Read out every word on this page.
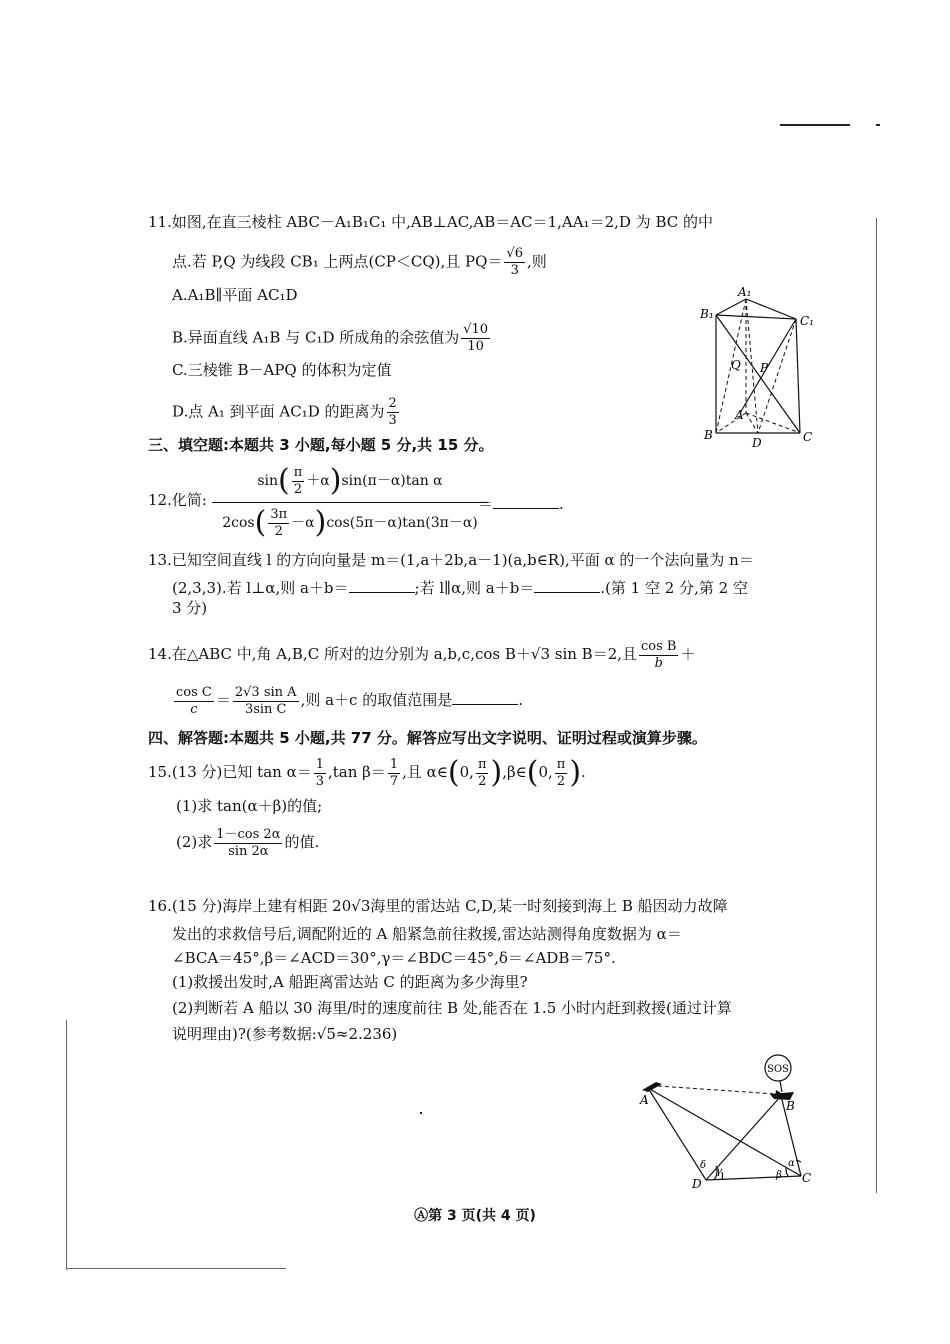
11.如图,在直三棱柱 ABC－A₁B₁C₁ 中,AB⊥AC,AB＝AC＝1,AA₁＝2,D 为 BC 的中
点.若 P,Q 为线段 CB₁ 上两点(CP＜CQ),且 $PQ= \frac{√6}{3}$ ,则
A.A₁B∥平面 AC₁D
B.异面直线 A₁B 与 C₁D 所成角的余弦值为 $\frac{√10}{10}$
C.三棱锥 B－APQ 的体积为定值
D.点 A₁ 到平面 AC₁D 的距离为 $\frac{2}{3}$
A₁
B₁	C₁
Q P
A
B
D	C
三、填空题:本题共 3 小题,每小题 5 分,共 15 分。
12.化简: $\frac{\sin( \frac{\pi}{2} +\alpha)\sin(\pi-\alpha)\tan \alpha}{2\cos( \frac{3\pi}{2} -\alpha)\cos(5\pi-\alpha)\tan(3\pi-\alpha)}$
＝	.
13.已知空间直线 l 的方向向量是 m＝(1,a＋2b,a－1)(a,b∈R),平面 α 的一个法向量为 n＝
(2,3,3).若 l⊥α,则 a＋b＝	;若 l∥α,则 a＋b＝	.(第 1 空 2 分,第 2 空
3 分)
14.在△ABC 中,角 A,B,C 所对的边分别为 a,b,c,cos B＋√3 sin B＝2,且 $\frac{\text{cos B}}{b}$ ＋
$\frac{\text{cos C}}{c} = \frac{\text{2√3 sin A}}{\text{3sin C}}$ ,则 a＋c 的取值范围是	.
四、解答题:本题共 5 小题,共 77 分。解答应写出文字说明、证明过程或演算步骤。
15.(13 分)已知 $\tan \alpha= \frac{1}{3} ,\tan$ $\beta= \frac{1}{7}$ ,且 α∈(0, $\frac{\pi}{2}$ ),β∈(0, $\frac{\pi}{2}$ ).
(1)求 tan(α＋β)的值;
(2)求 $\frac{1-\cos 2\alpha}{\sin 2\alpha}$ 的值.
16.(15 分)海岸上建有相距 20√3海里的雷达站 C,D,某一时刻接到海上 B 船因动力故障
发出的求救信号后,调配附近的 A 船紧急前往救援,雷达站测得角度数据为 α＝
∠BCA＝45°,β＝∠ACD＝30°,γ＝∠BDC＝45°,δ＝∠ADB＝75°.
(1)救援出发时,A 船距离雷达站 C 的距离为多少海里?
(2)判断若 A 船以 30 海里/时的速度前往 B 处,能否在 1.5 小时内赶到救援(通过计算
说明理由)?(参考数据:√5≈2.236)
SOS
A	B
D	C
δ
γ	β
α
Ⓐ第 3 页(共 4 页)
